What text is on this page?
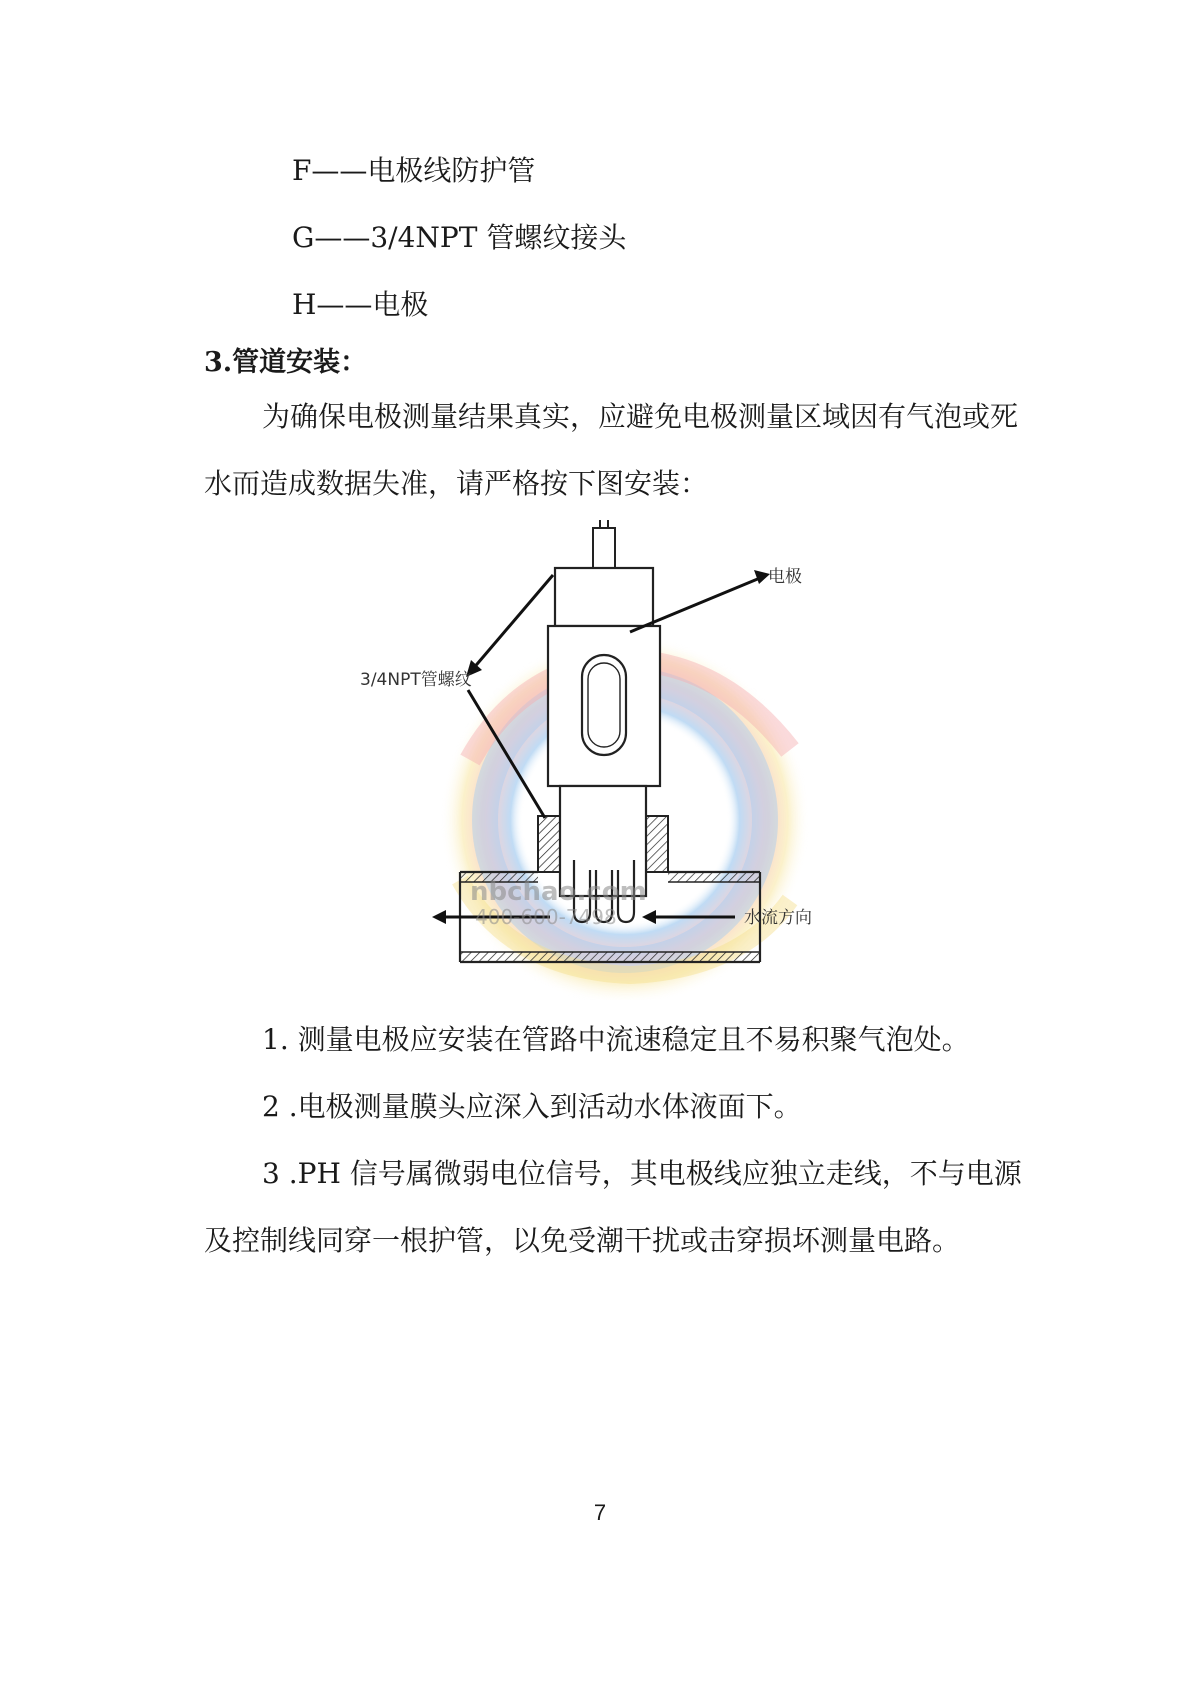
F——电极线防护管
G——3/4NPT 管螺纹接头
H——电极
3.管道安装：
为确保电极测量结果真实，应避免电极测量区域因有气泡或死
水而造成数据失准，请严格按下图安装：
电极
3/4NPT管螺纹
水流方向
nbchao.com
400-600-7498
1. 测量电极应安装在管路中流速稳定且不易积聚气泡处。
2 .电极测量膜头应深入到活动水体液面下。
3 .PH 信号属微弱电位信号，其电极线应独立走线，不与电源
及控制线同穿一根护管，以免受潮干扰或击穿损坏测量电路。
7
